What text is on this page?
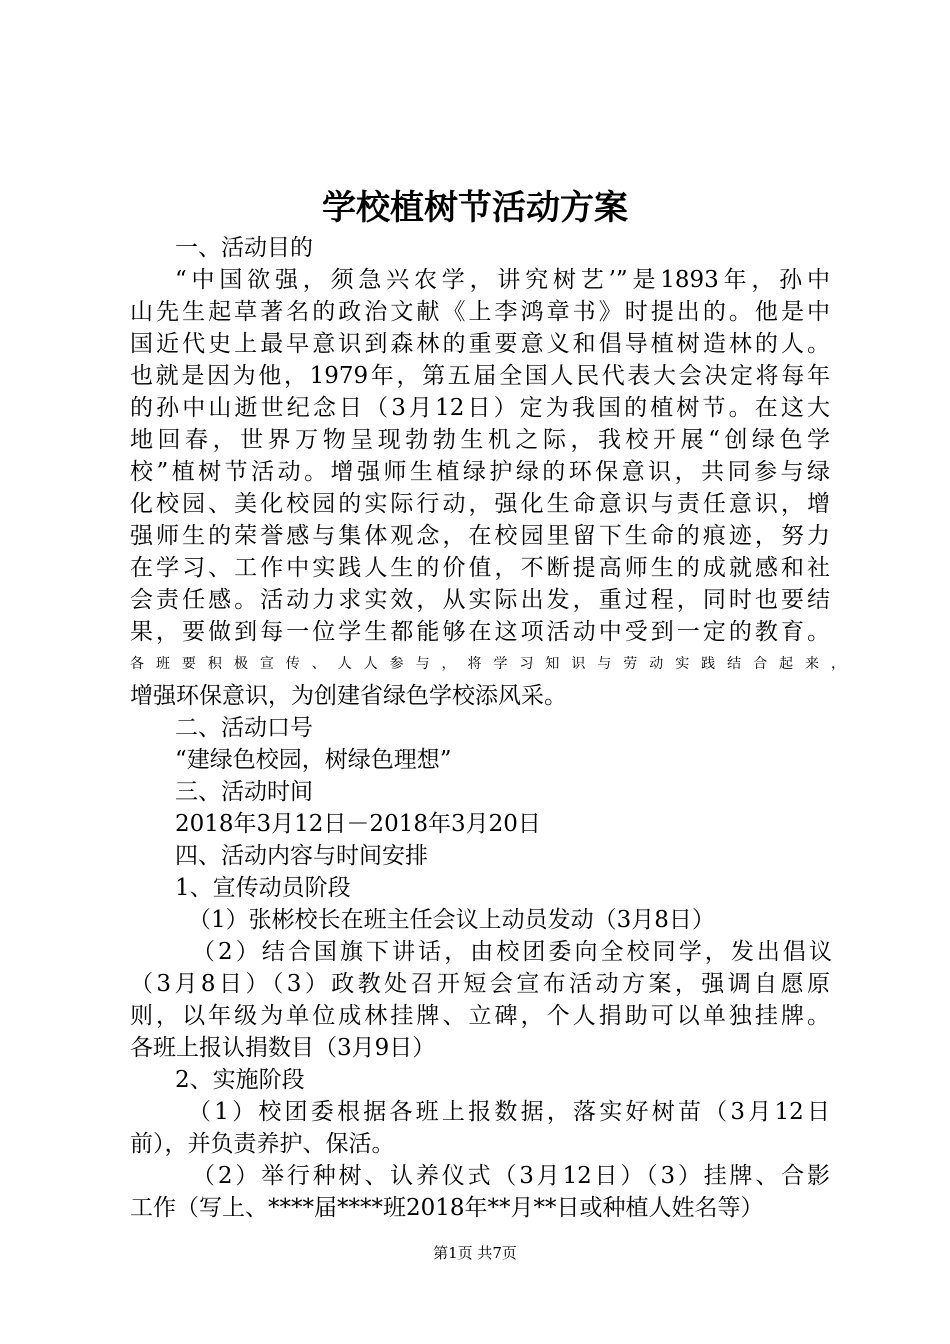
学校植树节活动方案
一、活动目的
“中国欲强，须急兴农学，讲究树艺’”是1893年，孙中
山先生起草著名的政治文献《上李鸿章书》时提出的。他是中
国近代史上最早意识到森林的重要意义和倡导植树造林的人。
也就是因为他，1979年，第五届全国人民代表大会决定将每年
的孙中山逝世纪念日（3月12日）定为我国的植树节。在这大
地回春，世界万物呈现勃勃生机之际，我校开展“创绿色学
校”植树节活动。增强师生植绿护绿的环保意识，共同参与绿
化校园、美化校园的实际行动，强化生命意识与责任意识，增
强师生的荣誉感与集体观念，在校园里留下生命的痕迹，努力
在学习、工作中实践人生的价值，不断提高师生的成就感和社
会责任感。活动力求实效，从实际出发，重过程，同时也要结
果，要做到每一位学生都能够在这项活动中受到一定的教育。
各班要积极宣传、人人参与，将学习知识与劳动实践结合起来，
增强环保意识，为创建省绿色学校添风采。
二、活动口号
“建绿色校园，树绿色理想”
三、活动时间
2018年3月12日－2018年3月20日
四、活动内容与时间安排
1、宣传动员阶段
（1）张彬校长在班主任会议上动员发动（3月8日）
（2）结合国旗下讲话，由校团委向全校同学，发出倡议
（3月8日）（3）政教处召开短会宣布活动方案，强调自愿原
则，以年级为单位成林挂牌、立碑，个人捐助可以单独挂牌。
各班上报认捐数目（3月9日）
2、实施阶段
（1）校团委根据各班上报数据，落实好树苗（3月12日
前），并负责养护、保活。
（2）举行种树、认养仪式（3月12日）（3）挂牌、合影
工作（写上、****届****班2018年**月**日或种植人姓名等）
第1页 共7页
